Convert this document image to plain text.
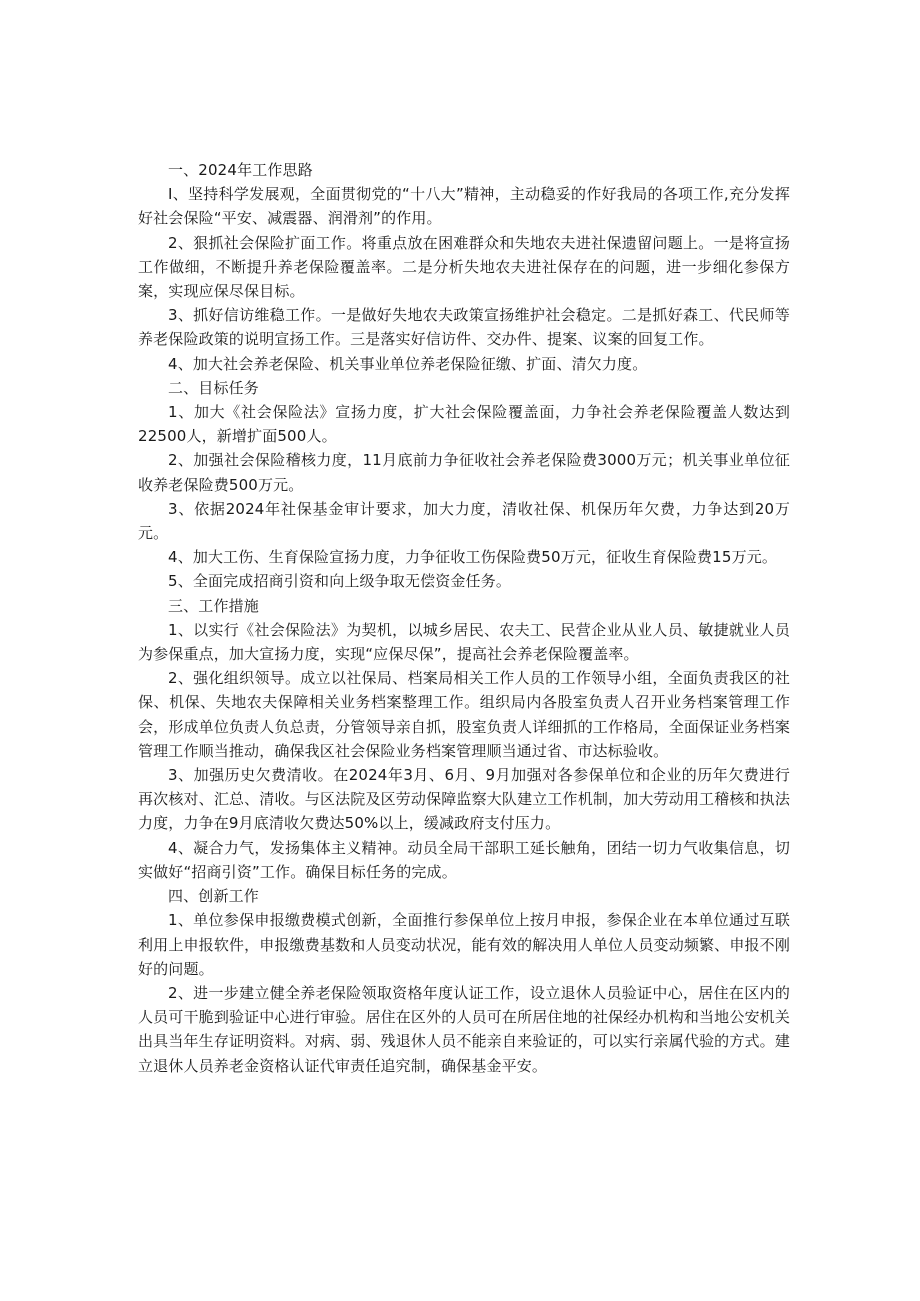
一、2024年工作思路

I、坚持科学发展观，全面贯彻党的“十八大”精神，主动稳妥的作好我局的各项工作,充分发挥好社会保险“平安、减震器、润滑剂”的作用。

2、狠抓社会保险扩面工作。将重点放在困难群众和失地农夫进社保遗留问题上。一是将宣扬工作做细，不断提升养老保险覆盖率。二是分析失地农夫进社保存在的问题，进一步细化参保方案，实现应保尽保目标。

3、抓好信访维稳工作。一是做好失地农夫政策宣扬维护社会稳定。二是抓好森工、代民师等养老保险政策的说明宣扬工作。三是落实好信访件、交办件、提案、议案的回复工作。

4、加大社会养老保险、机关事业单位养老保险征缴、扩面、清欠力度。

二、目标任务

1、加大《社会保险法》宣扬力度，扩大社会保险覆盖面，力争社会养老保险覆盖人数达到22500人，新增扩面500人。

2、加强社会保险稽核力度，11月底前力争征收社会养老保险费3000万元；机关事业单位征收养老保险费500万元。

3、依据2024年社保基金审计要求，加大力度，清收社保、机保历年欠费，力争达到20万元。

4、加大工伤、生育保险宣扬力度，力争征收工伤保险费50万元，征收生育保险费15万元。

5、全面完成招商引资和向上级争取无偿资金任务。

三、工作措施

1、以实行《社会保险法》为契机，以城乡居民、农夫工、民营企业从业人员、敏捷就业人员为参保重点，加大宣扬力度，实现“应保尽保”，提高社会养老保险覆盖率。

2、强化组织领导。成立以社保局、档案局相关工作人员的工作领导小组，全面负责我区的社保、机保、失地农夫保障相关业务档案整理工作。组织局内各股室负责人召开业务档案管理工作会，形成单位负责人负总责，分管领导亲自抓，股室负责人详细抓的工作格局，全面保证业务档案管理工作顺当推动，确保我区社会保险业务档案管理顺当通过省、市达标验收。

3、加强历史欠费清收。在2024年3月、6月、9月加强对各参保单位和企业的历年欠费进行再次核对、汇总、清收。与区法院及区劳动保障监察大队建立工作机制，加大劳动用工稽核和执法力度，力争在9月底清收欠费达50%以上，缓减政府支付压力。

4、凝合力气，发扬集体主义精神。动员全局干部职工延长触角，团结一切力气收集信息，切实做好“招商引资”工作。确保目标任务的完成。

四、创新工作

1、单位参保申报缴费模式创新，全面推行参保单位上按月申报，参保企业在本单位通过互联利用上申报软件，申报缴费基数和人员变动状况，能有效的解决用人单位人员变动频繁、申报不刚好的问题。

2、进一步建立健全养老保险领取资格年度认证工作，设立退休人员验证中心，居住在区内的人员可干脆到验证中心进行审验。居住在区外的人员可在所居住地的社保经办机构和当地公安机关出具当年生存证明资料。对病、弱、残退休人员不能亲自来验证的，可以实行亲属代验的方式。建立退休人员养老金资格认证代审责任追究制，确保基金平安。
